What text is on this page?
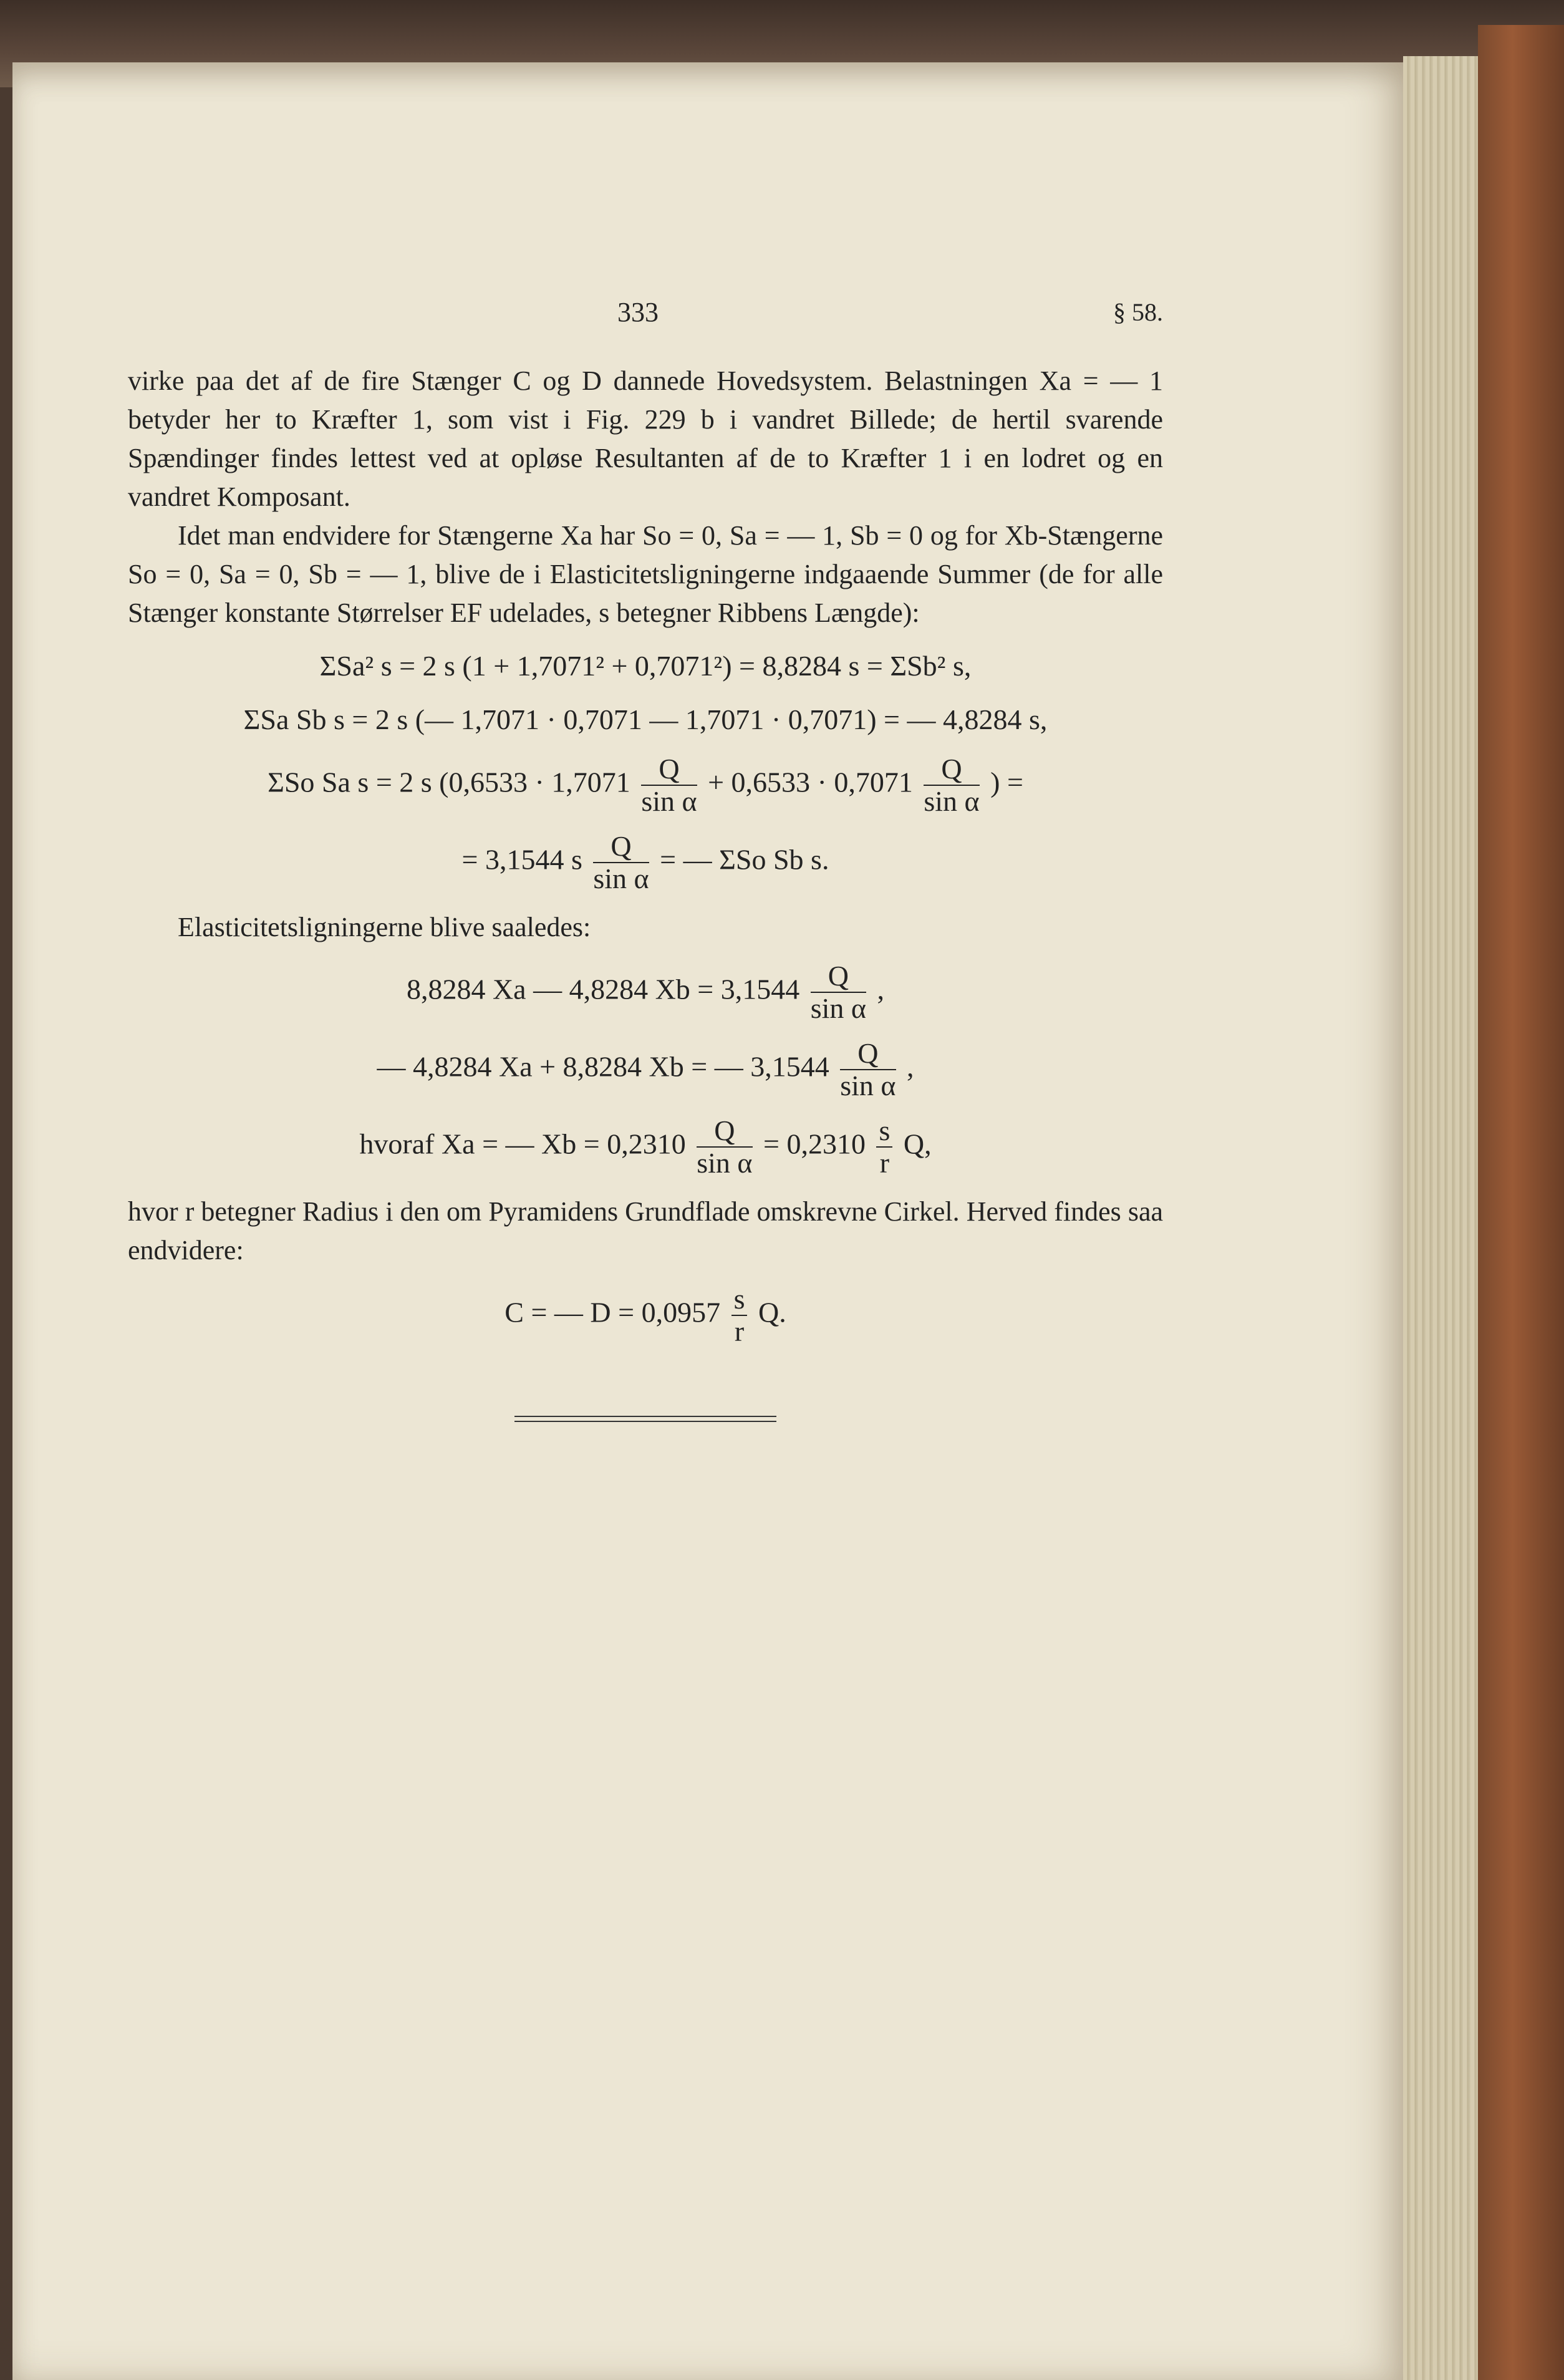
333	§ 58.

virke paa det af de fire Stænger C og D dannede Hovedsystem. Belastningen Xa = — 1 betyder her to Kræfter 1, som vist i Fig. 229 b i vandret Billede; de hertil svarende Spændinger findes lettest ved at opløse Resultanten af de to Kræfter 1 i en lodret og en vandret Komposant.

Idet man endvidere for Stængerne Xa har So = 0, Sa = — 1, Sb = 0 og for Xb-Stængerne So = 0, Sa = 0, Sb = — 1, blive de i Elasticitetsligningerne indgaaende Summer (de for alle Stænger konstante Størrelser EF udelades, s betegner Ribbens Længde):

ΣSa² s = 2 s (1 + 1,7071² + 0,7071²) = 8,8284 s = ΣSb² s,
ΣSa Sb s = 2 s (— 1,7071 · 0,7071 — 1,7071 · 0,7071) = — 4,8284 s,
ΣSo Sa s = 2 s ($0,6533 \cdot 1,7071 \frac{Q}{\text{sin α}} + 0,6533 \cdot 0,7071 \frac{Q}{\text{sin α}}$ ) =
= 3,1544 s $\frac{Q}{\text{sin α}}$ = — ΣSo Sb s.

Elasticitetsligningerne blive saaledes:

8,8284 Xa — 4,8284 $Xb = 3,1544 \frac{Q}{\text{sin α}}$ ,
— 4,8284 Xa + 8,8284 Xb = — $3,1544 \frac{Q}{\text{sin α}}$ ,
hvoraf Xa = — $Xb = 0,2310 \frac{Q}{\text{sin α}} = 0,2310 \frac{s}{r} Q$,

hvor r betegner Radius i den om Pyramidens Grundflade omskrevne Cirkel. Herved findes saa endvidere:

C = — $D = 0,0957 \frac{s}{r} Q$.
